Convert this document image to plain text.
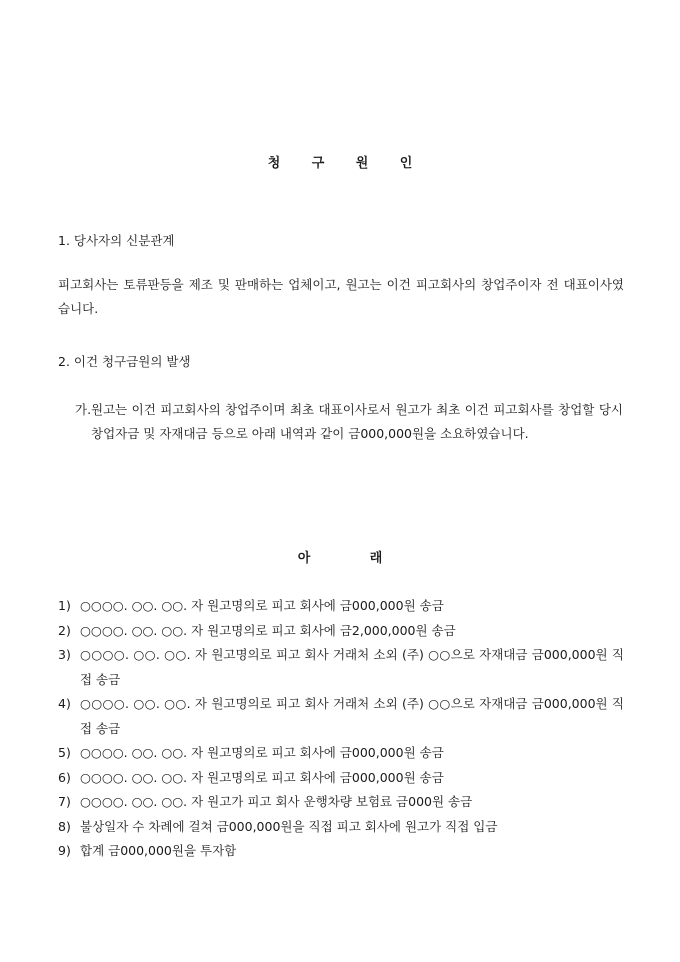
청	구	원	인
1. 당사자의 신분관계
피고회사는 토류판등을 제조 및 판매하는 업체이고, 원고는 이건 피고회사의 창업주이자 전 대표이사였습니다.
2. 이건 청구금원의 발생
가. 원고는 이건 피고회사의 창업주이며 최초 대표이사로서 원고가 최초 이건 피고회사를 창업할 당시 창업자금 및 자재대금 등으로 아래 내역과 같이 금000,000원을 소요하였습니다.
아	래
1) ○○○○. ○○. ○○. 자 원고명의로 피고 회사에 금000,000원 송금
2) ○○○○. ○○. ○○. 자 원고명의로 피고 회사에 금2,000,000원 송금
3) ○○○○. ○○. ○○. 자 원고명의로 피고 회사 거래처 소외 (주) ○○으로 자재대금 금000,000원 직접 송금
4) ○○○○. ○○. ○○. 자 원고명의로 피고 회사 거래처 소외 (주) ○○으로 자재대금 금000,000원 직접 송금
5) ○○○○. ○○. ○○. 자 원고명의로 피고 회사에 금000,000원 송금
6) ○○○○. ○○. ○○. 자 원고명의로 피고 회사에 금000,000원 송금
7) ○○○○. ○○. ○○. 자 원고가 피고 회사 운행차량 보험료 금000원 송금
8) 불상일자 수 차례에 걸쳐 금000,000원을 직접 피고 회사에 원고가 직접 입금
9) 합계 금000,000원을 투자함
